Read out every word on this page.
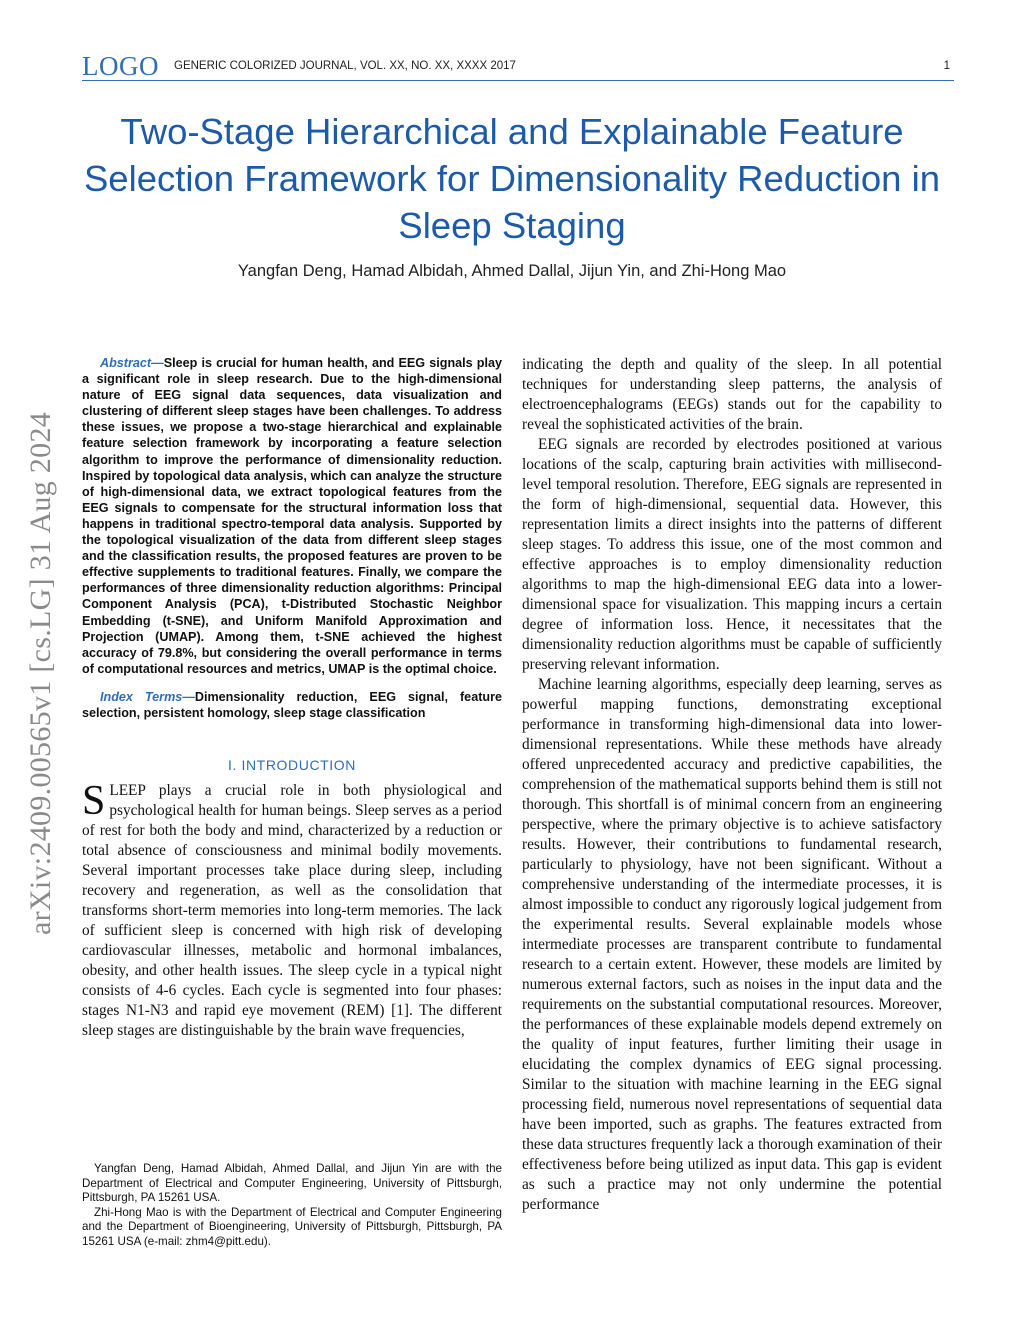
LOGO GENERIC COLORIZED JOURNAL, VOL. XX, NO. XX, XXXX 2017	1
Two-Stage Hierarchical and Explainable Feature Selection Framework for Dimensionality Reduction in Sleep Staging
Yangfan Deng, Hamad Albidah, Ahmed Dallal, Jijun Yin, and Zhi-Hong Mao
arXiv:2409.00565v1 [cs.LG] 31 Aug 2024

Abstract—Sleep is crucial for human health, and EEG signals play a significant role in sleep research. Due to the high-dimensional nature of EEG signal data sequences, data visualization and clustering of different sleep stages have been challenges. To address these issues, we propose a two-stage hierarchical and explainable feature selection framework by incorporating a feature selection algorithm to improve the performance of dimensionality reduction. Inspired by topological data analysis, which can analyze the structure of high-dimensional data, we extract topological features from the EEG signals to compensate for the structural information loss that happens in traditional spectro-temporal data analysis. Supported by the topological visualization of the data from different sleep stages and the classification results, the proposed features are proven to be effective supplements to traditional features. Finally, we compare the performances of three dimensionality reduction algorithms: Principal Component Analysis (PCA), t-Distributed Stochastic Neighbor Embedding (t-SNE), and Uniform Manifold Approximation and Projection (UMAP). Among them, t-SNE achieved the highest accuracy of 79.8%, but considering the overall performance in terms of computational resources and metrics, UMAP is the optimal choice.

Index Terms—Dimensionality reduction, EEG signal, feature selection, persistent homology, sleep stage classification

I. INTRODUCTION

SLEEP plays a crucial role in both physiological and psychological health for human beings. Sleep serves as a period of rest for both the body and mind, characterized by a reduction or total absence of consciousness and minimal bodily movements. Several important processes take place during sleep, including recovery and regeneration, as well as the consolidation that transforms short-term memories into long-term memories. The lack of sufficient sleep is concerned with high risk of developing cardiovascular illnesses, metabolic and hormonal imbalances, obesity, and other health issues. The sleep cycle in a typical night consists of 4-6 cycles. Each cycle is segmented into four phases: stages N1-N3 and rapid eye movement (REM) [1]. The different sleep stages are distinguishable by the brain wave frequencies,

Yangfan Deng, Hamad Albidah, Ahmed Dallal, and Jijun Yin are with the Department of Electrical and Computer Engineering, University of Pittsburgh, Pittsburgh, PA 15261 USA.

Zhi-Hong Mao is with the Department of Electrical and Computer Engineering and the Department of Bioengineering, University of Pittsburgh, Pittsburgh, PA 15261 USA (e-mail: zhm4@pitt.edu).

indicating the depth and quality of the sleep. In all potential techniques for understanding sleep patterns, the analysis of electroencephalograms (EEGs) stands out for the capability to reveal the sophisticated activities of the brain.

EEG signals are recorded by electrodes positioned at various locations of the scalp, capturing brain activities with millisecond-level temporal resolution. Therefore, EEG signals are represented in the form of high-dimensional, sequential data. However, this representation limits a direct insights into the patterns of different sleep stages. To address this issue, one of the most common and effective approaches is to employ dimensionality reduction algorithms to map the high-dimensional EEG data into a lower-dimensional space for visualization. This mapping incurs a certain degree of information loss. Hence, it necessitates that the dimensionality reduction algorithms must be capable of sufficiently preserving relevant information.

Machine learning algorithms, especially deep learning, serves as powerful mapping functions, demonstrating exceptional performance in transforming high-dimensional data into lower-dimensional representations. While these methods have already offered unprecedented accuracy and predictive capabilities, the comprehension of the mathematical supports behind them is still not thorough. This shortfall is of minimal concern from an engineering perspective, where the primary objective is to achieve satisfactory results. However, their contributions to fundamental research, particularly to physiology, have not been significant. Without a comprehensive understanding of the intermediate processes, it is almost impossible to conduct any rigorously logical judgement from the experimental results. Several explainable models whose intermediate processes are transparent contribute to fundamental research to a certain extent. However, these models are limited by numerous external factors, such as noises in the input data and the requirements on the substantial computational resources. Moreover, the performances of these explainable models depend extremely on the quality of input features, further limiting their usage in elucidating the complex dynamics of EEG signal processing. Similar to the situation with machine learning in the EEG signal processing field, numerous novel representations of sequential data have been imported, such as graphs. The features extracted from these data structures frequently lack a thorough examination of their effectiveness before being utilized as input data. This gap is evident as such a practice may not only undermine the potential performance
